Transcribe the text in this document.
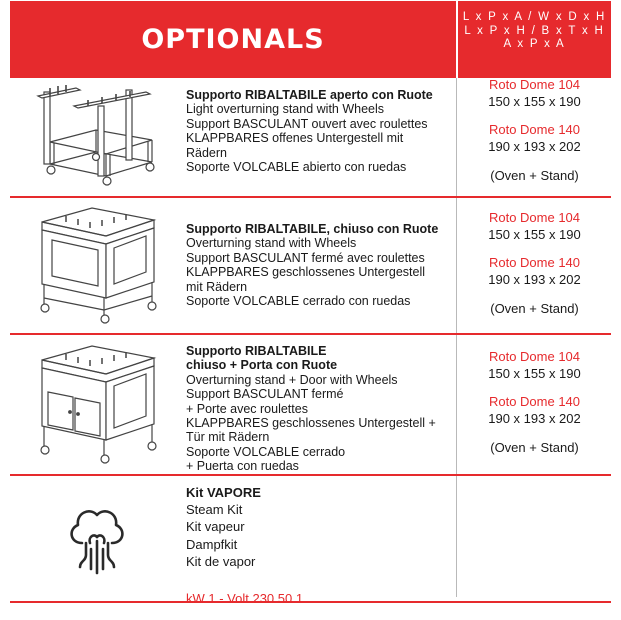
OPTIONALS
L x P x A / W x D x H
L x P x H / B x T x H
A x P x A
Supporto RIBALTABILE aperto con Ruote
Light overturning stand with Wheels
Support BASCULANT ouvert avec roulettes
KLAPPBARES offenes Untergestell mit
Rädern
Soporte VOLCABLE abierto con ruedas
Roto Dome 104
150 x 155 x 190
Roto Dome 140
190 x 193 x 202
(Oven + Stand)
Supporto RIBALTABILE, chiuso con Ruote
Overturning stand with Wheels
Support BASCULANT fermé avec roulettes
KLAPPBARES geschlossenes Untergestell
mit Rädern
Soporte VOLCABLE cerrado con ruedas
Roto Dome 104
150 x 155 x 190
Roto Dome 140
190 x 193 x 202
(Oven + Stand)
Supporto RIBALTABILE
chiuso + Porta con Ruote
Overturning stand + Door with Wheels
Support BASCULANT fermé
+ Porte avec roulettes
KLAPPBARES geschlossenes Untergestell +
Tür mit Rädern
Soporte VOLCABLE cerrado
+ Puerta con ruedas
Roto Dome 104
150 x 155 x 190
Roto Dome 140
190 x 193 x 202
(Oven + Stand)
Kit VAPORE
Steam Kit
Kit vapeur
Dampfkit
Kit de vapor
kW 1 - Volt 230 50 1
